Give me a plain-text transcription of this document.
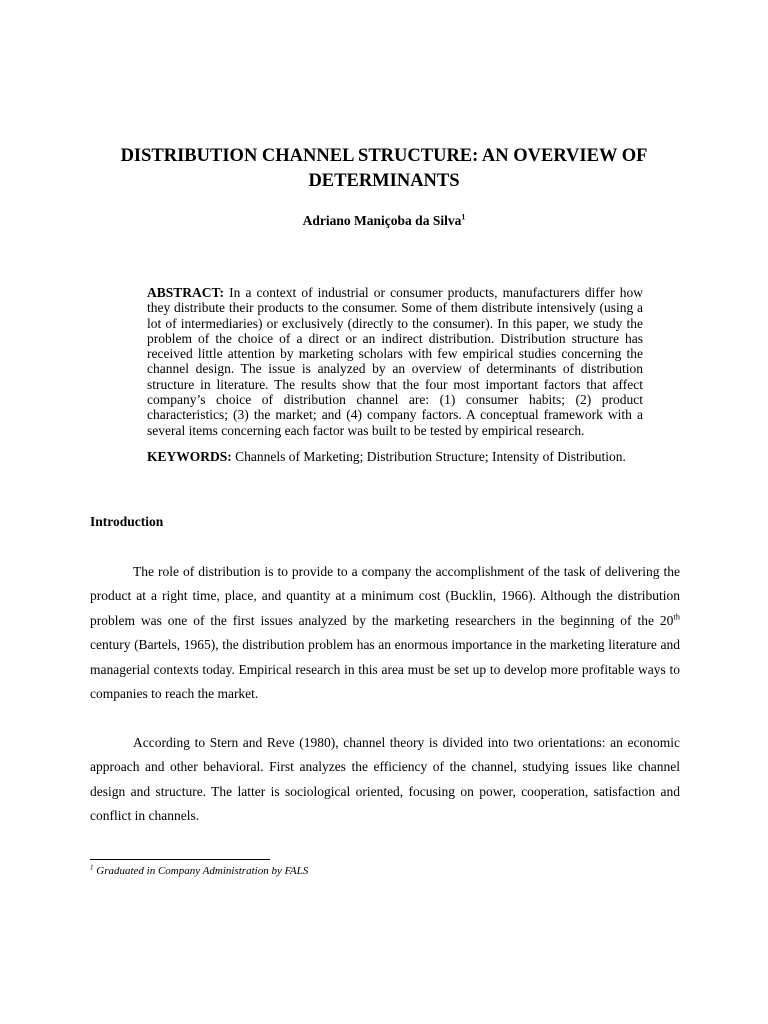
DISTRIBUTION CHANNEL STRUCTURE: AN OVERVIEW OF DETERMINANTS
Adriano Maniçoba da Silva$^1$
ABSTRACT: In a context of industrial or consumer products, manufacturers differ how they distribute their products to the consumer. Some of them distribute intensively (using a lot of intermediaries) or exclusively (directly to the consumer). In this paper, we study the problem of the choice of a direct or an indirect distribution. Distribution structure has received little attention by marketing scholars with few empirical studies concerning the channel design. The issue is analyzed by an overview of determinants of distribution structure in literature. The results show that the four most important factors that affect company’s choice of distribution channel are: (1) consumer habits; (2) product characteristics; (3) the market; and (4) company factors. A conceptual framework with a several items concerning each factor was built to be tested by empirical research.
KEYWORDS: Channels of Marketing; Distribution Structure; Intensity of Distribution.
Introduction

The role of distribution is to provide to a company the accomplishment of the task of delivering the product at a right time, place, and quantity at a minimum cost (Bucklin, 1966). Although the distribution problem was one of the first issues analyzed by the marketing researchers in the beginning of the 20th century (Bartels, 1965), the distribution problem has an enormous importance in the marketing literature and managerial contexts today. Empirical research in this area must be set up to develop more profitable ways to companies to reach the market.

According to Stern and Reve (1980), channel theory is divided into two orientations: an economic approach and other behavioral. First analyzes the efficiency of the channel, studying issues like channel design and structure. The latter is sociological oriented, focusing on power, cooperation, satisfaction and conflict in channels.

$^1$ Graduated in Company Administration by FALS
